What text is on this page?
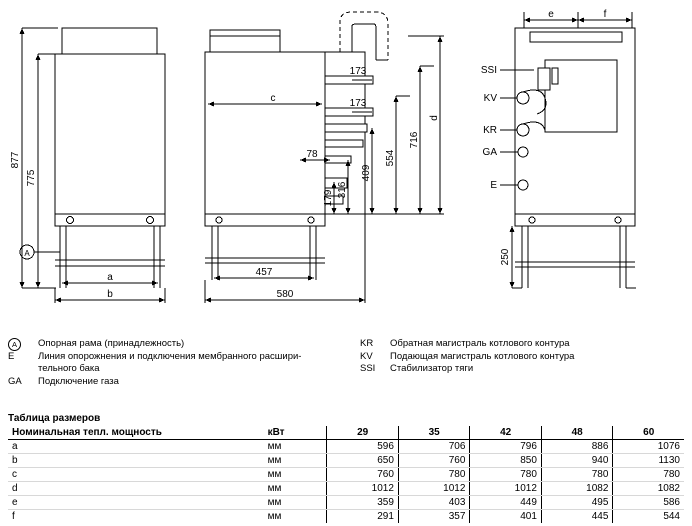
877
775
a
b
A
c
457
580
173
173
78
179 316
409
554
716
d
e	f
250
SSI
KV
KR
GA
E
A	Опорная рама (принадлежность)
E	Линия опорожнения и подключения мембранного расшири-
тельного бака
GA	Подключение газа
KR	Обратная магистраль котлового контура
KV	Подающая магистраль котлового контура
SSI	Стабилизатор тяги
Таблица размеров
Номинальная тепл. мощность	кВт	29	35	42	48	60
a	мм	596	706	796	886	1076
b	мм	650	760	850	940	1130
c	мм	760	780	780	780	780
d	мм	1012	1012	1012	1082	1082
e	мм	359	403	449	495	586
f	мм	291	357	401	445	544
